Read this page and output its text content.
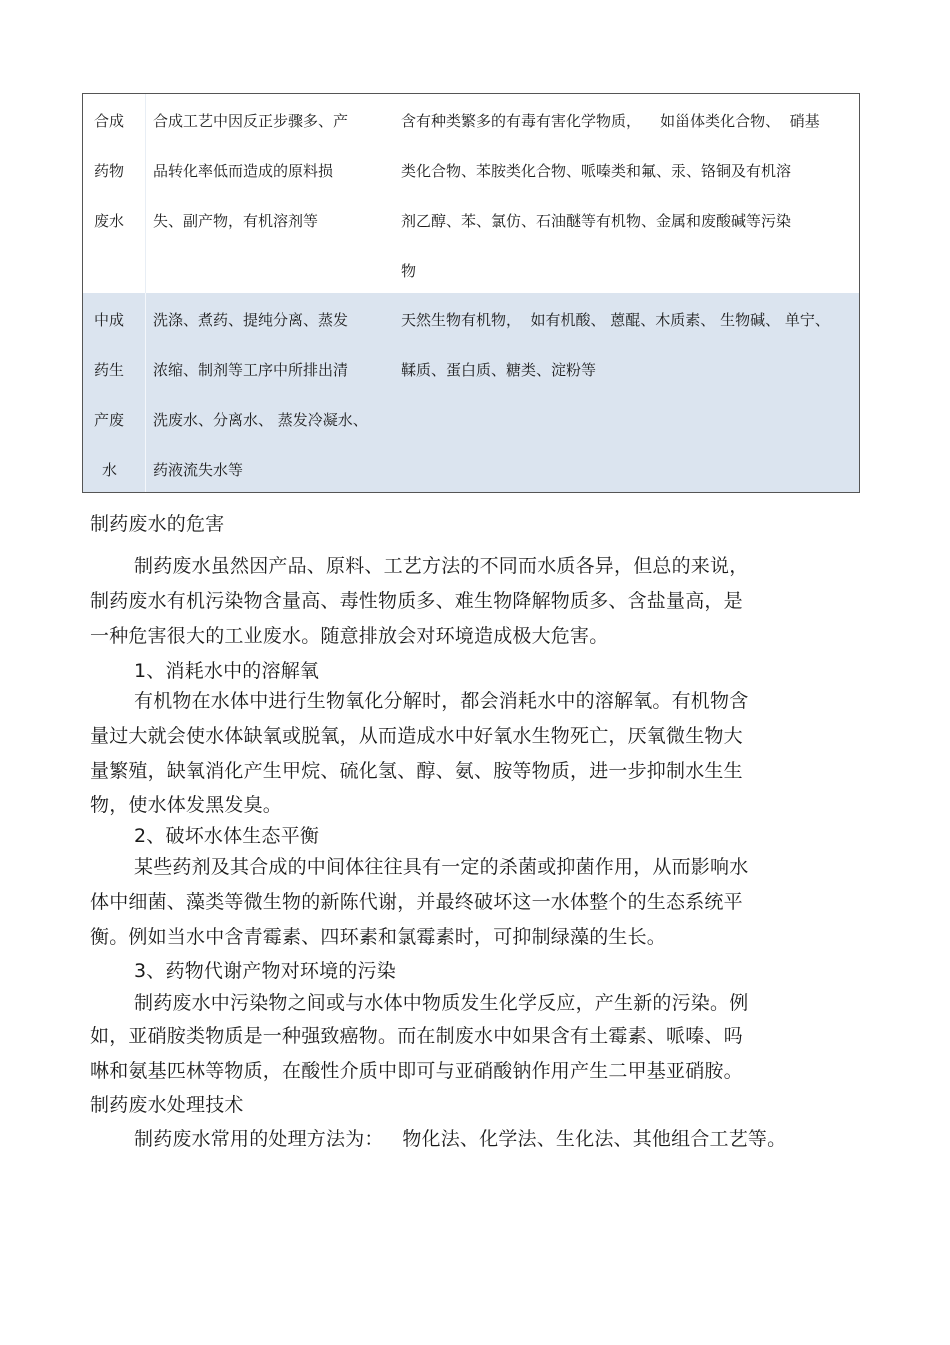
合成
药物
废水
合成工艺中因反正步骤多、产
品转化率低而造成的原料损
失、副产物，有机溶剂等
含有种类繁多的有毒有害化学物质，    如甾体类化合物、  硝基
类化合物、苯胺类化合物、哌嗪类和氟、汞、铬铜及有机溶
剂乙醇、苯、氯仿、石油醚等有机物、金属和废酸碱等污染
物
中成
药生
产废
水
洗涤、煮药、提纯分离、蒸发
浓缩、制剂等工序中所排出清
洗废水、分离水、 蒸发冷凝水、
药液流失水等
天然生物有机物，  如有机酸、 蒽醌、木质素、 生物碱、 单宁、
鞣质、蛋白质、糖类、淀粉等
制药废水的危害
制药废水虽然因产品、原料、工艺方法的不同而水质各异，但总的来说，
制药废水有机污染物含量高、毒性物质多、难生物降解物质多、含盐量高，是
一种危害很大的工业废水。随意排放会对环境造成极大危害。
1、消耗水中的溶解氧
有机物在水体中进行生物氧化分解时，都会消耗水中的溶解氧。有机物含
量过大就会使水体缺氧或脱氧，从而造成水中好氧水生物死亡，厌氧微生物大
量繁殖，缺氧消化产生甲烷、硫化氢、醇、氨、胺等物质，进一步抑制水生生
物，使水体发黑发臭。
2、破坏水体生态平衡
某些药剂及其合成的中间体往往具有一定的杀菌或抑菌作用，从而影响水
体中细菌、藻类等微生物的新陈代谢，并最终破坏这一水体整个的生态系统平
衡。例如当水中含青霉素、四环素和氯霉素时，可抑制绿藻的生长。
3、药物代谢产物对环境的污染
制药废水中污染物之间或与水体中物质发生化学反应，产生新的污染。例
如，亚硝胺类物质是一种强致癌物。而在制废水中如果含有土霉素、哌嗪、吗
啉和氨基匹林等物质，在酸性介质中即可与亚硝酸钠作用产生二甲基亚硝胺。
制药废水处理技术
制药废水常用的处理方法为：   物化法、化学法、生化法、其他组合工艺等。
